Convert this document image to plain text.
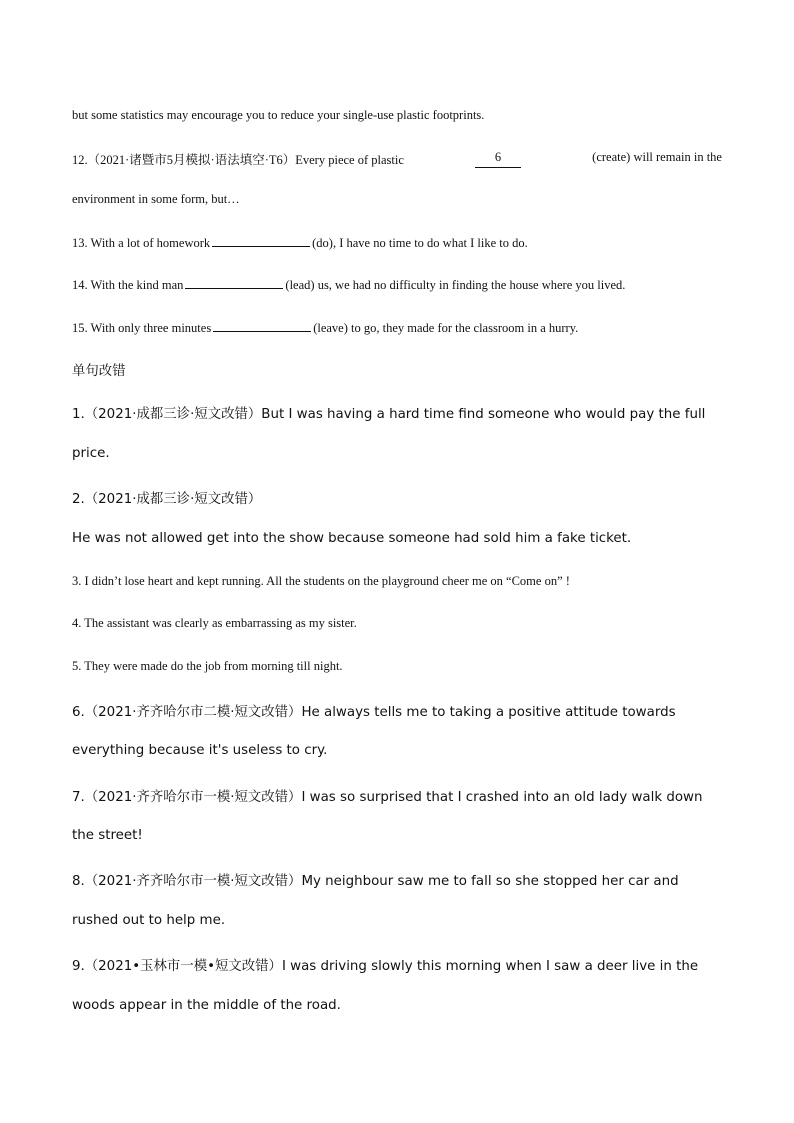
but some statistics may encourage you to reduce your single-use plastic footprints.

12.（2021·诸暨市5月模拟·语法填空·T6）Every piece of plastic	6	(create) will remain in the

environment in some form, but…

13. With a lot of homework	(do), I have no time to do what I like to do.

14. With the kind man	(lead) us, we had no difficulty in finding the house where you lived.

15. With only three minutes	(leave) to go, they made for the classroom in a hurry.

单句改错

1.（2021·成都三诊·短文改错）But I was having a hard time find someone who would pay the full

price.

2.（2021·成都三诊·短文改错）

He was not allowed get into the show because someone had sold him a fake ticket.

3. I didn’t lose heart and kept running. All the students on the playground cheer me on “Come on” !

4. The assistant was clearly as embarrassing as my sister.

5. They were made do the job from morning till night.

6.（2021·齐齐哈尔市二模·短文改错）He always tells me to taking a positive attitude towards

everything because it's useless to cry.

7.（2021·齐齐哈尔市一模·短文改错）I was so surprised that I crashed into an old lady walk down

the street!

8.（2021·齐齐哈尔市一模·短文改错）My neighbour saw me to fall so she stopped her car and

rushed out to help me.

9.（2021•玉林市一模•短文改错）I was driving slowly this morning when I saw a deer live in the

woods appear in the middle of the road.
